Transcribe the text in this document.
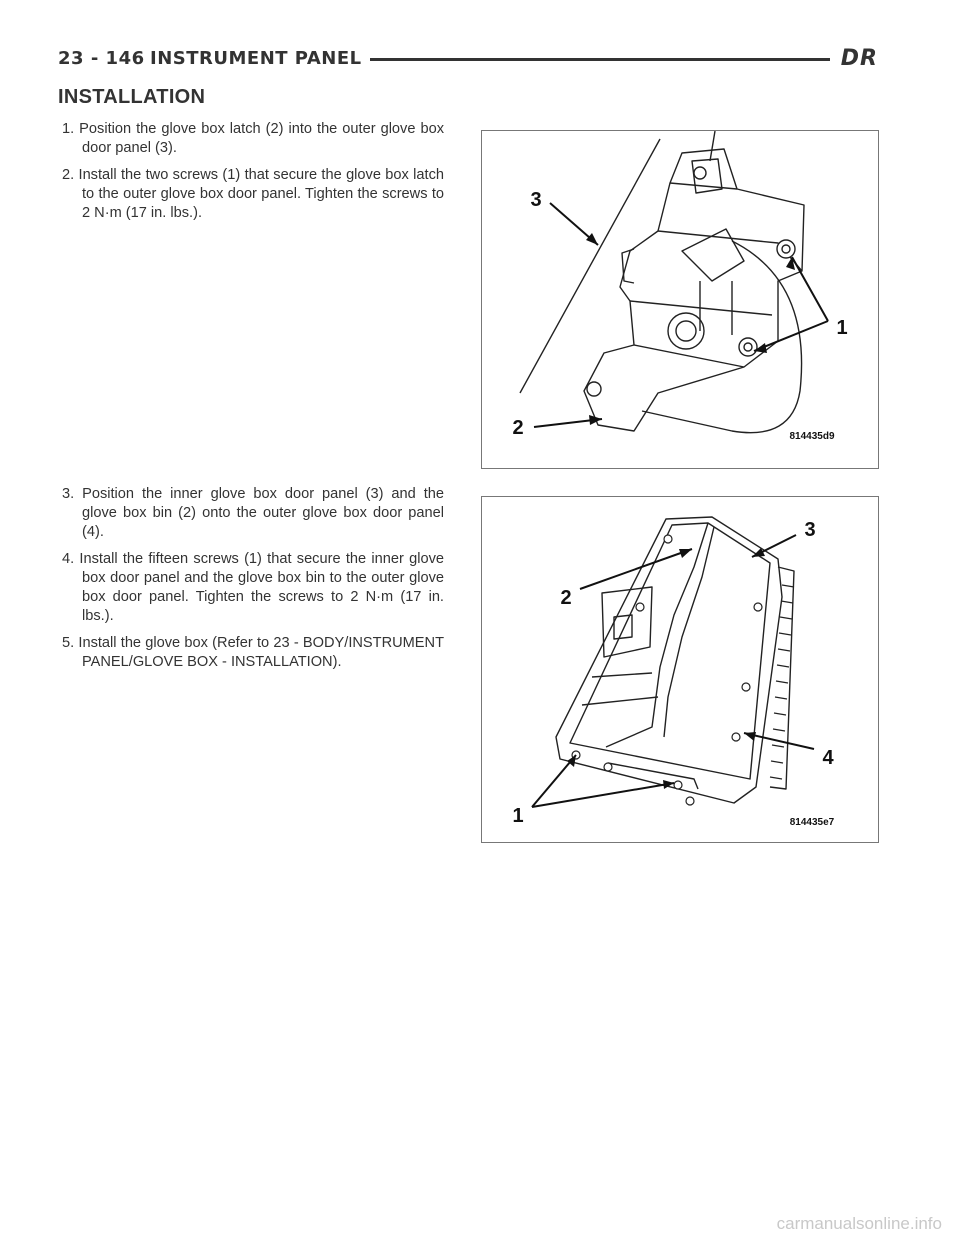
23 - 146 INSTRUMENT PANEL	DR
INSTALLATION
1. Position the glove box latch (2) into the outer glove box door panel (3).
2. Install the two screws (1) that secure the glove box latch to the outer glove box door panel. Tighten the screws to 2 N·m (17 in. lbs.).
3
1
2	814435d9
3. Position the inner glove box door panel (3) and the glove box bin (2) onto the outer glove box door panel (4).
4. Install the fifteen screws (1) that secure the inner glove box door panel and the glove box bin to the outer glove box door panel. Tighten the screws to 2 N·m (17 in. lbs.).
5. Install the glove box (Refer to 23 - BODY/INSTRUMENT PANEL/GLOVE BOX - INSTALLATION).
3
2
4
1	814435e7
carmanualsonline.info
